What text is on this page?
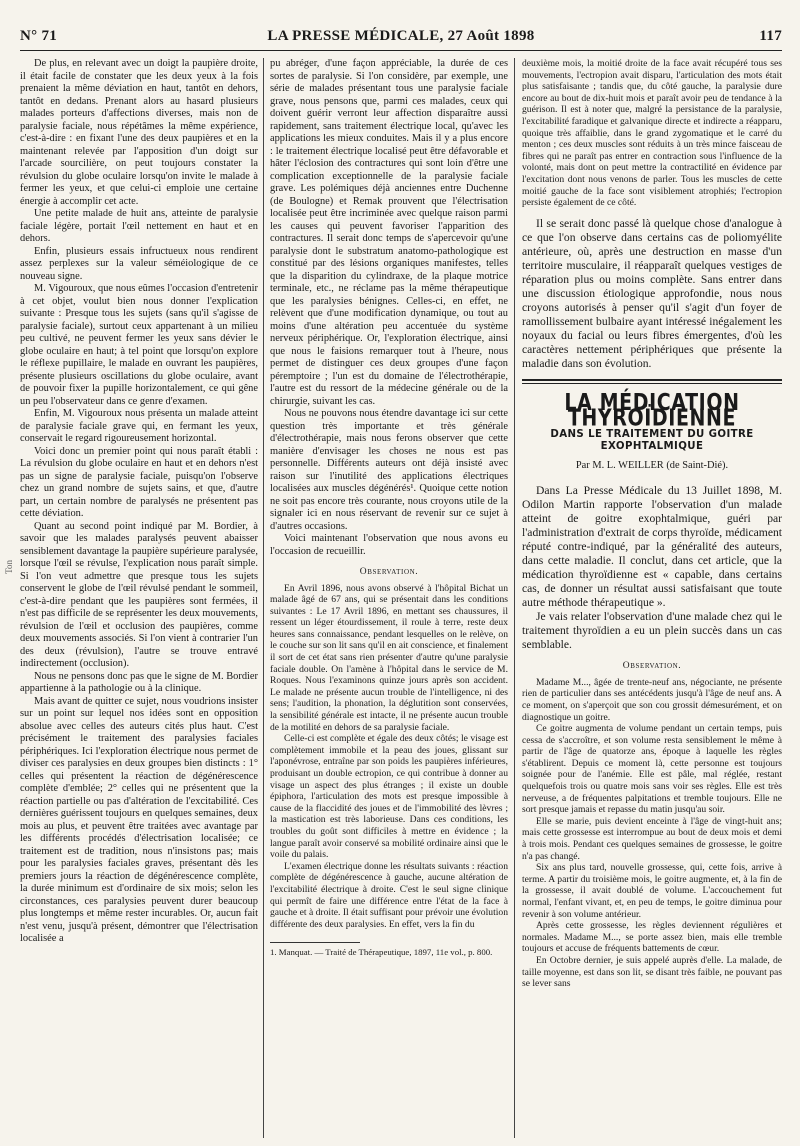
N° 71	LA PRESSE MÉDICALE, 27 Août 1898	117
Ton

De plus, en relevant avec un doigt la paupière droite, il était facile de constater que les deux yeux à la fois prenaient la même déviation en haut, tantôt en dehors, tantôt en dedans. Prenant alors au hasard plusieurs malades porteurs d'affections diverses, mais non de paralysie faciale, nous répétâmes la même expérience, c'est-à-dire : en fixant l'une des deux paupières et en la maintenant relevée par l'apposition d'un doigt sur l'arcade sourcilière, on peut toujours constater la révulsion du globe oculaire lorsqu'on invite le malade à fermer les yeux, et que celui-ci emploie une certaine énergie à accomplir cet acte.

Une petite malade de huit ans, atteinte de paralysie faciale légère, portait l'œil nettement en haut et en dehors.

Enfin, plusieurs essais infructueux nous rendirent assez perplexes sur la valeur séméiologique de ce nouveau signe.

M. Vigouroux, que nous eûmes l'occasion d'entretenir à cet objet, voulut bien nous donner l'explication suivante : Presque tous les sujets (sans qu'il s'agisse de paralysie faciale), surtout ceux appartenant à un milieu peu cultivé, ne peuvent fermer les yeux sans dévier le globe oculaire en haut; à tel point que lorsqu'on explore le réflexe pupillaire, le malade en ouvrant les paupières, présente plusieurs oscillations du globe oculaire, avant de pouvoir fixer la pupille horizontalement, ce qui gêne un peu l'observateur dans ce genre d'examen.

Enfin, M. Vigouroux nous présenta un malade atteint de paralysie faciale grave qui, en fermant les yeux, conservait le regard rigoureusement horizontal.

Voici donc un premier point qui nous paraît établi : La révulsion du globe oculaire en haut et en dehors n'est pas un signe de paralysie faciale, puisqu'on l'observe chez un grand nombre de sujets sains, et que, d'autre part, un certain nombre de paralysés ne présentent pas cette déviation.

Quant au second point indiqué par M. Bordier, à savoir que les malades paralysés peuvent abaisser sensiblement davantage la paupière supérieure paralysée, lorsque l'œil se révulse, l'explication nous paraît simple. Si l'on veut admettre que presque tous les sujets conservent le globe de l'œil révulsé pendant le sommeil, c'est-à-dire pendant que les paupières sont fermées, il n'est pas difficile de se représenter les deux mouvements, révulsion de l'œil et occlusion des paupières, comme deux mouvements associés. Si l'on vient à contrarier l'un des deux (révulsion), l'autre se trouve entravé indirectement (occlusion).

Nous ne pensons donc pas que le signe de M. Bordier appartienne à la pathologie ou à la clinique.

Mais avant de quitter ce sujet, nous voudrions insister sur un point sur lequel nos idées sont en opposition absolue avec celles des auteurs cités plus haut. C'est précisément le traitement des paralysies faciales périphériques. Ici l'exploration électrique nous permet de diviser ces paralysies en deux groupes bien distincts : 1° celles qui présentent la réaction de dégénérescence complète d'emblée; 2° celles qui ne présentent que la réaction partielle ou pas d'altération de l'excitabilité. Ces dernières guérissent toujours en quelques semaines, deux mois au plus, et peuvent être traitées avec avantage par les différents procédés d'électrisation localisée; ce traitement est de tradition, nous n'insistons pas; mais pour les paralysies faciales graves, présentant dès les premiers jours la réaction de dégénérescence complète, la durée minimum est d'ordinaire de six mois; selon les circonstances, ces paralysies peuvent durer beaucoup plus longtemps et même rester incurables. Or, aucun fait n'est venu, jusqu'à présent, démontrer que l'électrisation localisée a

pu abréger, d'une façon appréciable, la durée de ces sortes de paralysie. Si l'on considère, par exemple, une série de malades présentant tous une paralysie faciale grave, nous pensons que, parmi ces malades, ceux qui doivent guérir verront leur affection disparaître aussi rapidement, sans traitement électrique local, qu'avec les applications les mieux conduites. Mais il y a plus encore : le traitement électrique localisé peut être défavorable et hâter l'éclosion des contractures qui sont loin d'être une complication exceptionnelle de la paralysie faciale grave. Les polémiques déjà anciennes entre Duchenne (de Boulogne) et Remak prouvent que l'électrisation localisée peut être incriminée avec quelque raison parmi les causes qui peuvent favoriser l'apparition des contractures. Il serait donc temps de s'apercevoir qu'une paralysie dont le substratum anatomo-pathologique est constitué par des lésions organiques manifestes, telles que la disparition du cylindraxe, de la plaque motrice terminale, etc., ne réclame pas la même thérapeutique que les paralysies bénignes. Celles-ci, en effet, ne relèvent que d'une modification dynamique, ou tout au moins d'une altération peu accentuée du système nerveux périphérique. Or, l'exploration électrique, ainsi que nous le faisions remarquer tout à l'heure, nous permet de distinguer ces deux groupes d'une façon péremptoire ; l'un est du domaine de l'électrothérapie, l'autre est du ressort de la médecine générale ou de la chirurgie, suivant les cas.

Nous ne pouvons nous étendre davantage ici sur cette question très importante et très générale d'électrothérapie, mais nous ferons observer que cette manière d'envisager les choses ne nous est pas personnelle. Différents auteurs ont déjà insisté avec raison sur l'inutilité des applications électriques localisées aux muscles dégénérés¹. Quoique cette notion ne soit pas encore très courante, nous croyons utile de la signaler ici en nous réservant de revenir sur ce sujet à d'autres occasions.

Voici maintenant l'observation que nous avons eu l'occasion de recueillir.

Observation.

En Avril 1896, nous avons observé à l'hôpital Bichat un malade âgé de 67 ans, qui se présentait dans les conditions suivantes : Le 17 Avril 1896, en mettant ses chaussures, il ressent un léger étourdissement, il roule à terre, reste deux heures sans connaissance, pendant lesquelles on le relève, on le couche sur son lit sans qu'il en ait conscience, et finalement il sort de cet état sans rien présenter d'autre qu'une paralysie faciale double. On l'amène à l'hôpital dans le service de M. Roques. Nous l'examinons quinze jours après son accident. Le malade ne présente aucun trouble de l'intelligence, ni des sens; l'audition, la phonation, la déglutition sont conservées, la sensibilité générale est intacte, il ne présente aucun trouble de la motilité en dehors de sa paralysie faciale.

Celle-ci est complète et égale des deux côtés; le visage est complètement immobile et la peau des joues, glissant sur l'aponévrose, entraîne par son poids les paupières inférieures, produisant un double ectropion, ce qui contribue à donner au visage un aspect des plus étranges ; il existe un double épiphora, l'articulation des mots est presque impossible à cause de la flaccidité des joues et de l'immobilité des lèvres ; la mastication est très laborieuse. Dans ces conditions, les troubles du goût sont difficiles à mettre en évidence ; la langue paraît avoir conservé sa mobilité ordinaire ainsi que le voile du palais.

L'examen électrique donne les résultats suivants : réaction complète de dégénérescence à gauche, aucune altération de l'excitabilité électrique à droite. C'est le seul signe clinique qui permît de faire une différence entre l'état de la face à gauche et à droite. Il était suffisant pour prévoir une évolution différente des deux paralysies. En effet, vers la fin du

1. Manquat. — Traité de Thérapeutique, 1897, 11e vol., p. 800.

deuxième mois, la moitié droite de la face avait récupéré tous ses mouvements, l'ectropion avait disparu, l'articulation des mots était plus satisfaisante ; tandis que, du côté gauche, la paralysie dure encore au bout de dix-huit mois et paraît avoir peu de tendance à la guérison. Il est à noter que, malgré la persistance de la paralysie, l'excitabilité faradique et galvanique directe et indirecte a réapparu, quoique très affaiblie, dans le grand zygomatique et le carré du menton ; ces deux muscles sont réduits à un très mince faisceau de fibres qui ne paraît pas entrer en contraction sous l'influence de la volonté, mais dont on peut mettre la contractilité en évidence par l'excitation dont nous venons de parler. Tous les muscles de cette moitié gauche de la face sont visiblement atrophiés; l'ectropion persiste également de ce côté.

Il se serait donc passé là quelque chose d'analogue à ce que l'on observe dans certains cas de poliomyélite antérieure, où, après une destruction en masse d'un territoire musculaire, il réapparaît quelques vestiges de réparation plus ou moins complète. Sans entrer dans une discussion étiologique approfondie, nous nous croyons autorisés à penser qu'il s'agit d'un foyer de ramollissement bulbaire ayant intéressé inégalement les noyaux du facial ou leurs fibres émergentes, d'où les caractères nettement périphériques que présente la maladie dans son évolution.

LA MÉDICATION THYROÏDIENNE
DANS LE TRAITEMENT DU GOITRE EXOPHTALMIQUE
Par M. L. WEILLER (de Saint-Dié).

Dans La Presse Médicale du 13 Juillet 1898, M. Odilon Martin rapporte l'observation d'un malade atteint de goitre exophtalmique, guéri par l'administration d'extrait de corps thyroïde, médicament réputé contre-indiqué, par la généralité des auteurs, dans cette maladie. Il conclut, dans cet article, que la médication thyroïdienne est « capable, dans certains cas, de donner un résultat aussi satisfaisant que toute autre méthode thérapeutique ».

Je vais relater l'observation d'une malade chez qui le traitement thyroïdien a eu un plein succès dans un cas semblable.

Observation.

Madame M..., âgée de trente-neuf ans, négociante, ne présente rien de particulier dans ses antécédents jusqu'à l'âge de neuf ans. A ce moment, on s'aperçoit que son cou grossit démesurément, et on diagnostique un goitre.

Ce goitre augmenta de volume pendant un certain temps, puis cessa de s'accroître, et son volume resta sensiblement le même à partir de l'âge de quatorze ans, époque à laquelle les règles s'établirent. Depuis ce moment là, cette personne est toujours soignée pour de l'anémie. Elle est pâle, mal réglée, restant quelquefois trois ou quatre mois sans voir ses règles. Elle est très nerveuse, a de fréquentes palpitations et tremble toujours. Elle ne sort presque jamais et repasse du matin jusqu'au soir.

Elle se marie, puis devient enceinte à l'âge de vingt-huit ans; mais cette grossesse est interrompue au bout de deux mois et demi à trois mois. Pendant ces quelques semaines de grossesse, le goitre n'a pas changé.

Six ans plus tard, nouvelle grossesse, qui, cette fois, arrive à terme. A partir du troisième mois, le goitre augmente, et, à la fin de la grossesse, il avait doublé de volume. L'accouchement fut normal, l'enfant vivant, et, en peu de temps, le goitre diminua pour revenir à son volume antérieur.

Après cette grossesse, les règles deviennent régulières et normales. Madame M..., se porte assez bien, mais elle tremble toujours et accuse de fréquents battements de cœur.

En Octobre dernier, je suis appelé auprès d'elle. La malade, de taille moyenne, est dans son lit, se disant très faible, ne pouvant pas se lever sans
